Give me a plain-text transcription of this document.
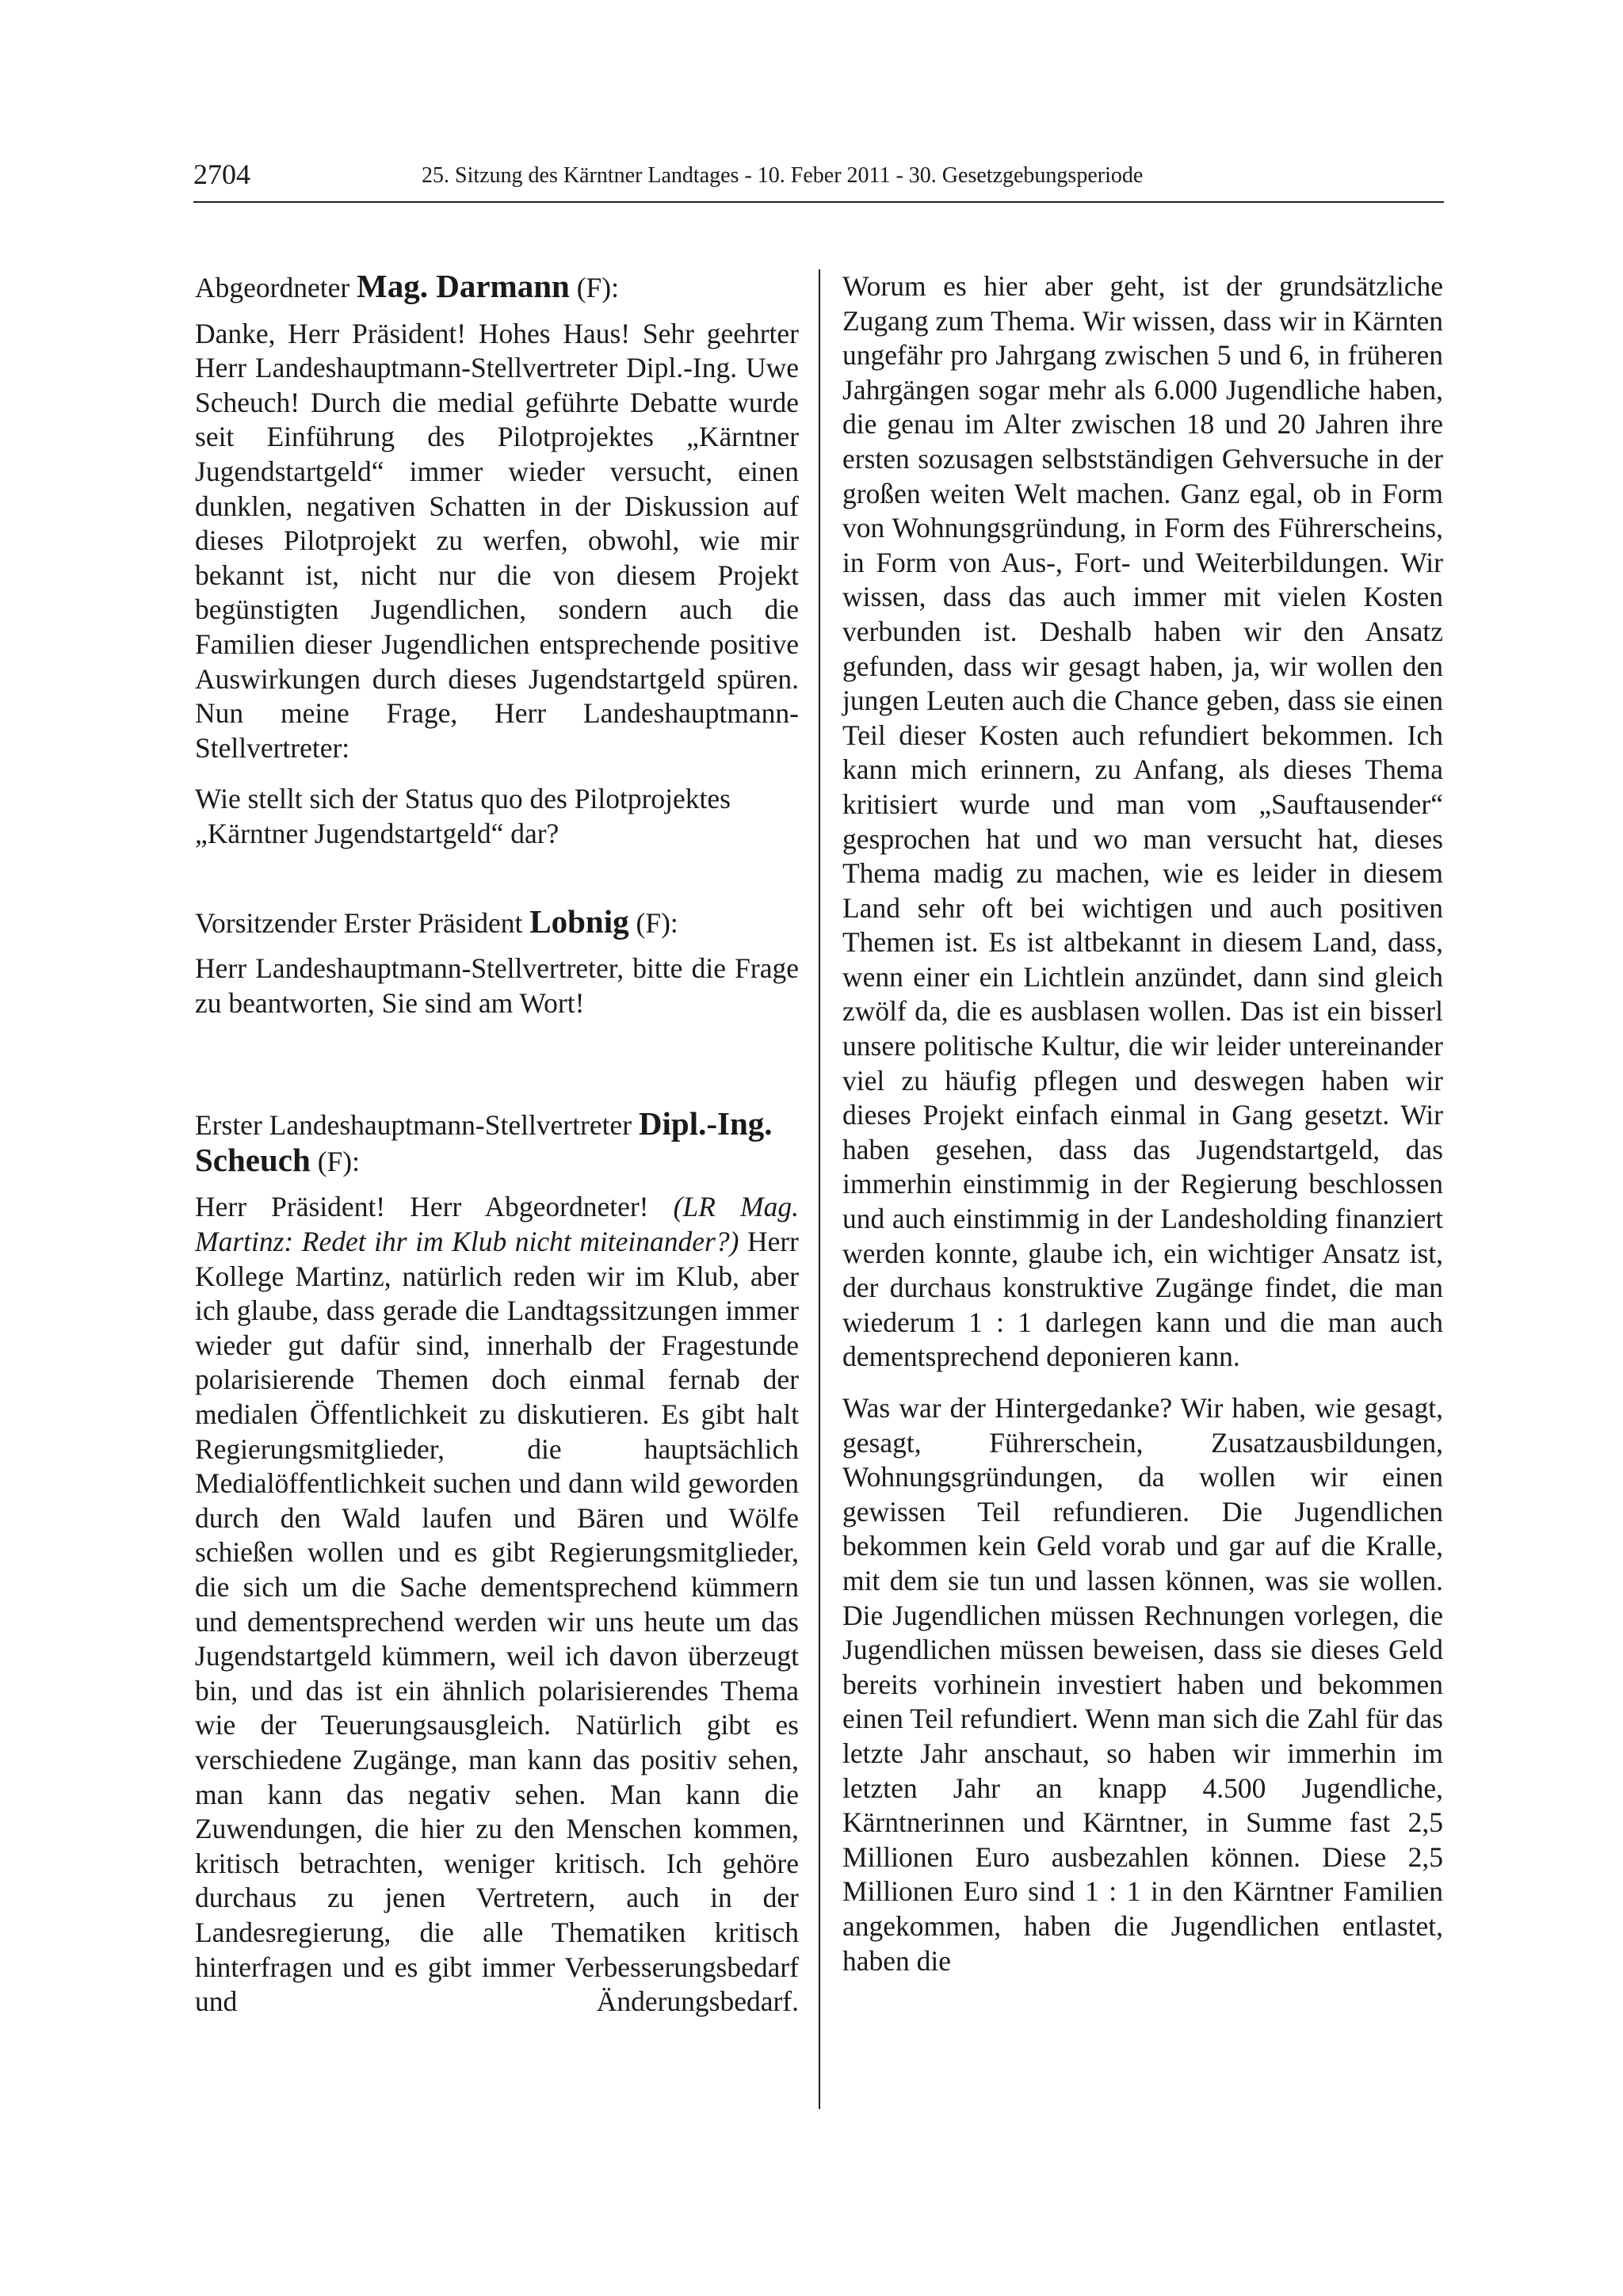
2704	25. Sitzung des Kärntner Landtages - 10. Feber 2011 - 30. Gesetzgebungsperiode

Abgeordneter Mag. Darmann (F):

Danke, Herr Präsident! Hohes Haus! Sehr geehrter Herr Landeshauptmann-Stellvertreter Dipl.-Ing. Uwe Scheuch! Durch die medial geführte Debatte wurde seit Einführung des Pilotprojektes „Kärntner Jugendstartgeld“ immer wieder versucht, einen dunklen, negativen Schatten in der Diskussion auf dieses Pilotprojekt zu werfen, obwohl, wie mir bekannt ist, nicht nur die von diesem Projekt begünstigten Jugendlichen, sondern auch die Familien dieser Jugendlichen entsprechende positive Auswirkungen durch dieses Jugendstartgeld spüren. Nun meine Frage, Herr Landeshauptmann-Stellvertreter:

Wie stellt sich der Status quo des Pilotprojektes „Kärntner Jugendstartgeld“ dar?

Vorsitzender Erster Präsident Lobnig (F):

Herr Landeshauptmann-Stellvertreter, bitte die Frage zu beantworten, Sie sind am Wort!

Erster Landeshauptmann-Stellvertreter Dipl.-Ing. Scheuch (F):

Herr Präsident! Herr Abgeordneter! (LR Mag. Martinz: Redet ihr im Klub nicht miteinander?) Herr Kollege Martinz, natürlich reden wir im Klub, aber ich glaube, dass gerade die Landtagssitzungen immer wieder gut dafür sind, innerhalb der Fragestunde polarisierende Themen doch einmal fernab der medialen Öffentlichkeit zu diskutieren. Es gibt halt Regierungsmitglieder, die hauptsächlich Medialöffentlichkeit suchen und dann wild geworden durch den Wald laufen und Bären und Wölfe schießen wollen und es gibt Regierungsmitglieder, die sich um die Sache dementsprechend kümmern und dementsprechend werden wir uns heute um das Jugendstartgeld kümmern, weil ich davon überzeugt bin, und das ist ein ähnlich polarisierendes Thema wie der Teuerungsausgleich. Natürlich gibt es verschiedene Zugänge, man kann das positiv sehen, man kann das negativ sehen. Man kann die Zuwendungen, die hier zu den Menschen kommen, kritisch betrachten, weniger kritisch. Ich gehöre durchaus zu jenen Vertretern, auch in der Landesregierung, die alle Thematiken kritisch hinterfragen und es gibt immer Verbesserungsbedarf und Änderungsbedarf.

Worum es hier aber geht, ist der grundsätzliche Zugang zum Thema. Wir wissen, dass wir in Kärnten ungefähr pro Jahrgang zwischen 5 und 6, in früheren Jahrgängen sogar mehr als 6.000 Jugendliche haben, die genau im Alter zwischen 18 und 20 Jahren ihre ersten sozusagen selbstständigen Gehversuche in der großen weiten Welt machen. Ganz egal, ob in Form von Wohnungsgründung, in Form des Führerscheins, in Form von Aus-, Fort- und Weiterbildungen. Wir wissen, dass das auch immer mit vielen Kosten verbunden ist. Deshalb haben wir den Ansatz gefunden, dass wir gesagt haben, ja, wir wollen den jungen Leuten auch die Chance geben, dass sie einen Teil dieser Kosten auch refundiert bekommen. Ich kann mich erinnern, zu Anfang, als dieses Thema kritisiert wurde und man vom „Sauftausender“ gesprochen hat und wo man versucht hat, dieses Thema madig zu machen, wie es leider in diesem Land sehr oft bei wichtigen und auch positiven Themen ist. Es ist altbekannt in diesem Land, dass, wenn einer ein Lichtlein anzündet, dann sind gleich zwölf da, die es ausblasen wollen. Das ist ein bisserl unsere politische Kultur, die wir leider untereinander viel zu häufig pflegen und deswegen haben wir dieses Projekt einfach einmal in Gang gesetzt. Wir haben gesehen, dass das Jugendstartgeld, das immerhin einstimmig in der Regierung beschlossen und auch einstimmig in der Landesholding finanziert werden konnte, glaube ich, ein wichtiger Ansatz ist, der durchaus konstruktive Zugänge findet, die man wiederum 1 : 1 darlegen kann und die man auch dementsprechend deponieren kann.

Was war der Hintergedanke? Wir haben, wie gesagt, gesagt, Führerschein, Zusatzausbildungen, Wohnungsgründungen, da wollen wir einen gewissen Teil refundieren. Die Jugendlichen bekommen kein Geld vorab und gar auf die Kralle, mit dem sie tun und lassen können, was sie wollen. Die Jugendlichen müssen Rechnungen vorlegen, die Jugendlichen müssen beweisen, dass sie dieses Geld bereits vorhinein investiert haben und bekommen einen Teil refundiert. Wenn man sich die Zahl für das letzte Jahr anschaut, so haben wir immerhin im letzten Jahr an knapp 4.500 Jugendliche, Kärntnerinnen und Kärntner, in Summe fast 2,5 Millionen Euro ausbezahlen können. Diese 2,5 Millionen Euro sind 1 : 1 in den Kärntner Familien angekommen, haben die Jugendlichen entlastet, haben die
